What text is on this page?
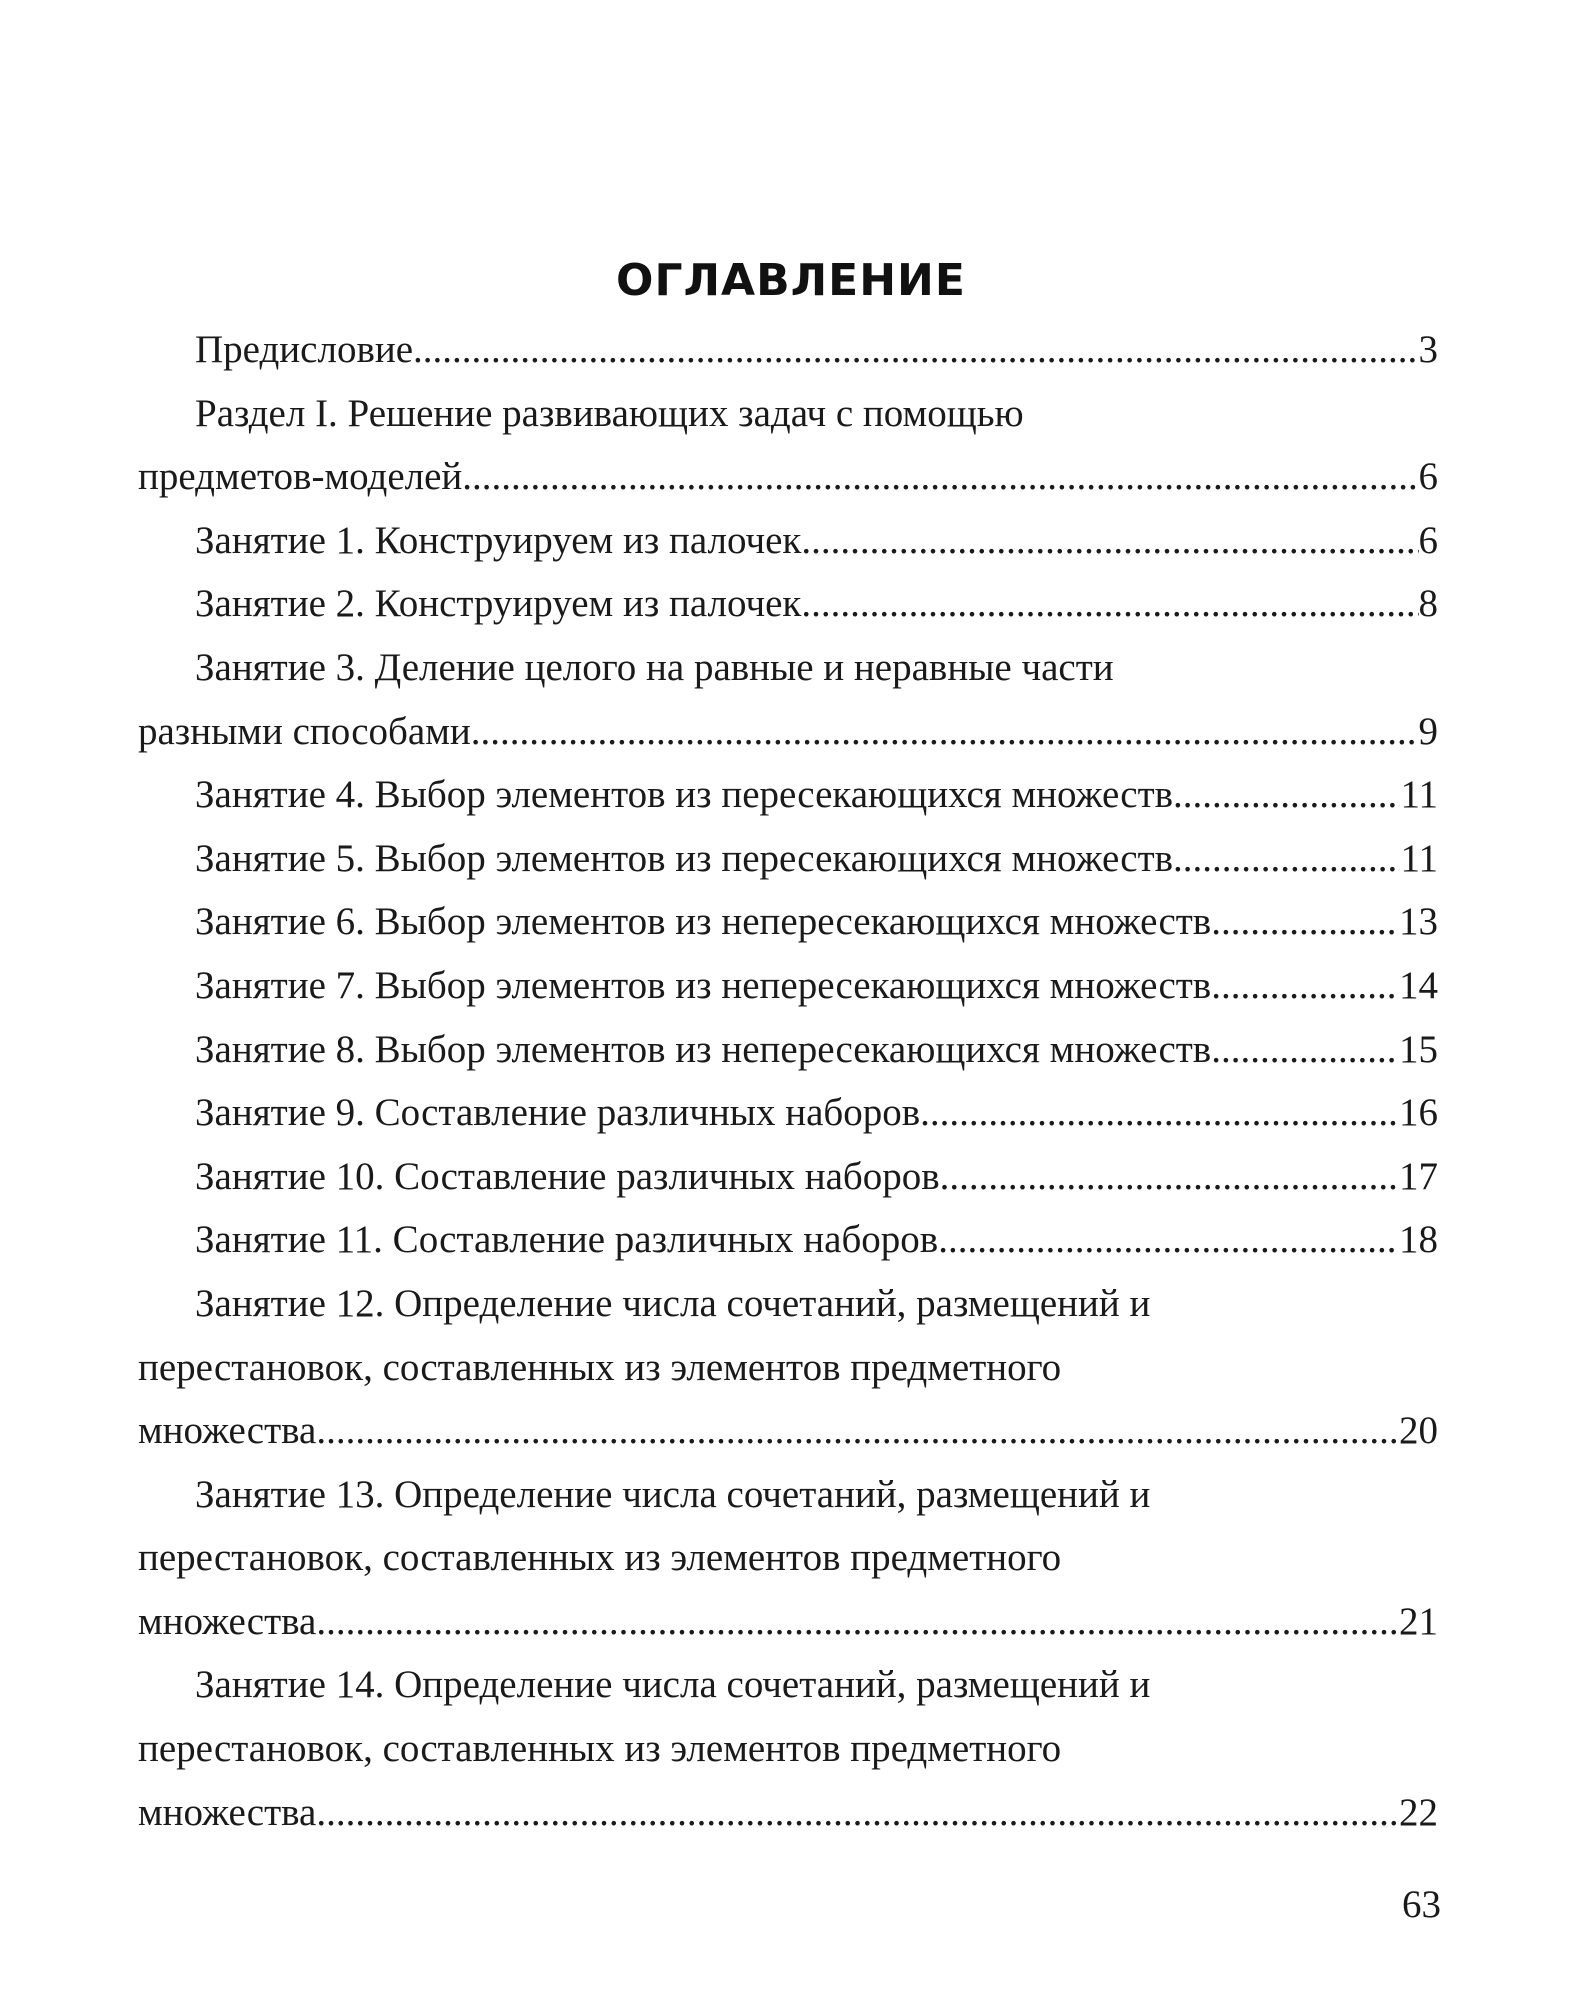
ОГЛАВЛЕНИЕ
Предисловие .....	3
Раздел I. Решение развивающих задач с помощью
предметов-моделей .....	6
Занятие 1. Конструируем из палочек .....	6
Занятие 2. Конструируем из палочек .....	8
Занятие 3. Деление целого на равные и неравные части
разными способами .....	9
Занятие 4. Выбор элементов из пересекающихся множеств .....	11
Занятие 5. Выбор элементов из пересекающихся множеств .....	11
Занятие 6. Выбор элементов из непересекающихся множеств .....	13
Занятие 7. Выбор элементов из непересекающихся множеств .....	14
Занятие 8. Выбор элементов из непересекающихся множеств .....	15
Занятие 9. Составление различных наборов .....	16
Занятие 10. Составление различных наборов .....	17
Занятие 11. Составление различных наборов .....	18
Занятие 12. Определение числа сочетаний, размещений и
перестановок, составленных из элементов предметного
множества .....	20
Занятие 13. Определение числа сочетаний, размещений и
перестановок, составленных из элементов предметного
множества .....	21
Занятие 14. Определение числа сочетаний, размещений и
перестановок, составленных из элементов предметного
множества .....	22
63
